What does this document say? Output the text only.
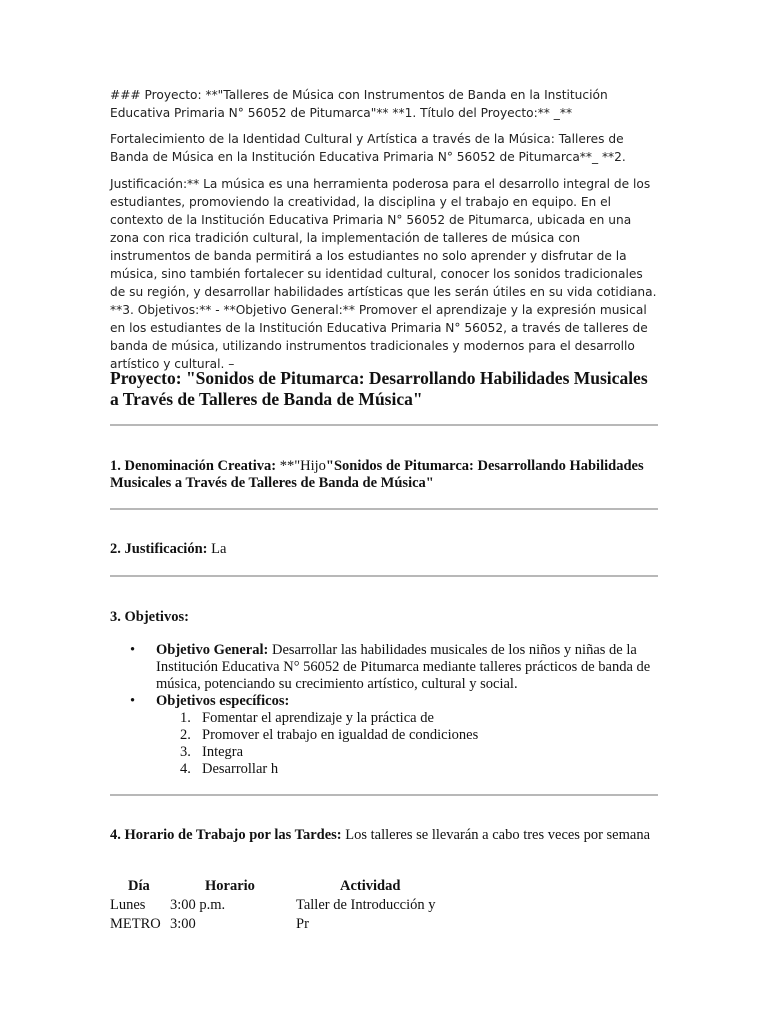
### Proyecto: **"Talleres de Música con Instrumentos de Banda en la Institución Educativa Primaria N° 56052 de Pitumarca"** **1. Título del Proyecto:** _**

Fortalecimiento de la Identidad Cultural y Artística a través de la Música: Talleres de Banda de Música en la Institución Educativa Primaria N° 56052 de Pitumarca**_ **2.

Justificación:** La música es una herramienta poderosa para el desarrollo integral de los estudiantes, promoviendo la creatividad, la disciplina y el trabajo en equipo. En el contexto de la Institución Educativa Primaria N° 56052 de Pitumarca, ubicada en una zona con rica tradición cultural, la implementación de talleres de música con instrumentos de banda permitirá a los estudiantes no solo aprender y disfrutar de la música, sino también fortalecer su identidad cultural, conocer los sonidos tradicionales de su región, y desarrollar habilidades artísticas que les serán útiles en su vida cotidiana. **3. Objetivos:** - **Objetivo General:** Promover el aprendizaje y la expresión musical en los estudiantes de la Institución Educativa Primaria N° 56052, a través de talleres de banda de música, utilizando instrumentos tradicionales y modernos para el desarrollo artístico y cultural. –

Proyecto: "Sonidos de Pitumarca: Desarrollando Habilidades Musicales a Través de Talleres de Banda de Música"
1. Denominación Creativa: **"Hijo"Sonidos de Pitumarca: Desarrollando Habilidades Musicales a Través de Talleres de Banda de Música"
2. Justificación: La
3. Objetivos:
• Objetivo General: Desarrollar las habilidades musicales de los niños y niñas de la Institución Educativa N° 56052 de Pitumarca mediante talleres prácticos de banda de música, potenciando su crecimiento artístico, cultural y social.
• Objetivos específicos:
1. Fomentar el aprendizaje y la práctica de
2. Promover el trabajo en igualdad de condiciones
3. Integra
4. Desarrollar h
4. Horario de Trabajo por las Tardes: Los talleres se llevarán a cabo tres veces por semana
Día	Horario	Actividad
Lunes 3:00 p.m.	Taller de Introducción y
METRO 3:00	Pr
